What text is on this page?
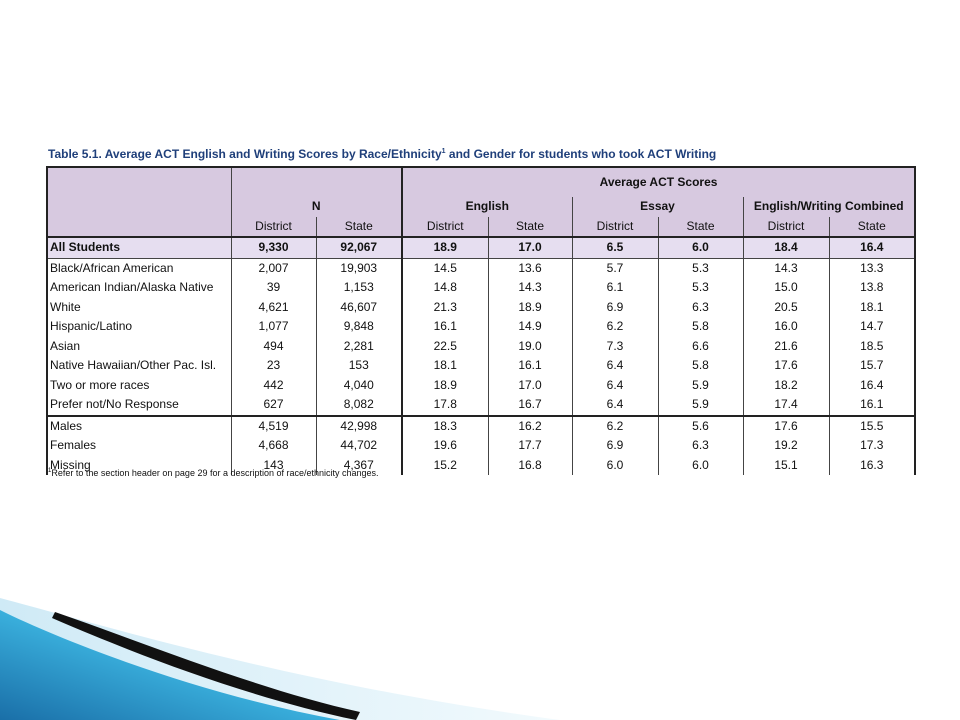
Table 5.1. Average ACT English and Writing Scores by Race/Ethnicity$^1$ and Gender for students who took ACT Writing
			Average ACT Scores					
	N		English		Essay		English/Writing Combined	
	District	State	District	State	District	State	District	State
All Students	9,330	92,067	18.9	17.0	6.5	6.0	18.4	16.4
Black/African American	2,007	19,903	14.5	13.6	5.7	5.3	14.3	13.3
American Indian/Alaska Native	39	1,153	14.8	14.3	6.1	5.3	15.0	13.8
White	4,621	46,607	21.3	18.9	6.9	6.3	20.5	18.1
Hispanic/Latino	1,077	9,848	16.1	14.9	6.2	5.8	16.0	14.7
Asian	494	2,281	22.5	19.0	7.3	6.6	21.6	18.5
Native Hawaiian/Other Pac. Isl.	23	153	18.1	16.1	6.4	5.8	17.6	15.7
Two or more races	442	4,040	18.9	17.0	6.4	5.9	18.2	16.4
Prefer not/No Response	627	8,082	17.8	16.7	6.4	5.9	17.4	16.1
Males	4,519	42,998	18.3	16.2	6.2	5.6	17.6	15.5
Females	4,668	44,702	19.6	17.7	6.9	6.3	19.2	17.3
Missing	143	4,367	15.2	16.8	6.0	6.0	15.1	16.3
$^1$Refer to the section header on page 29 for a description of race/ethnicity changes.
